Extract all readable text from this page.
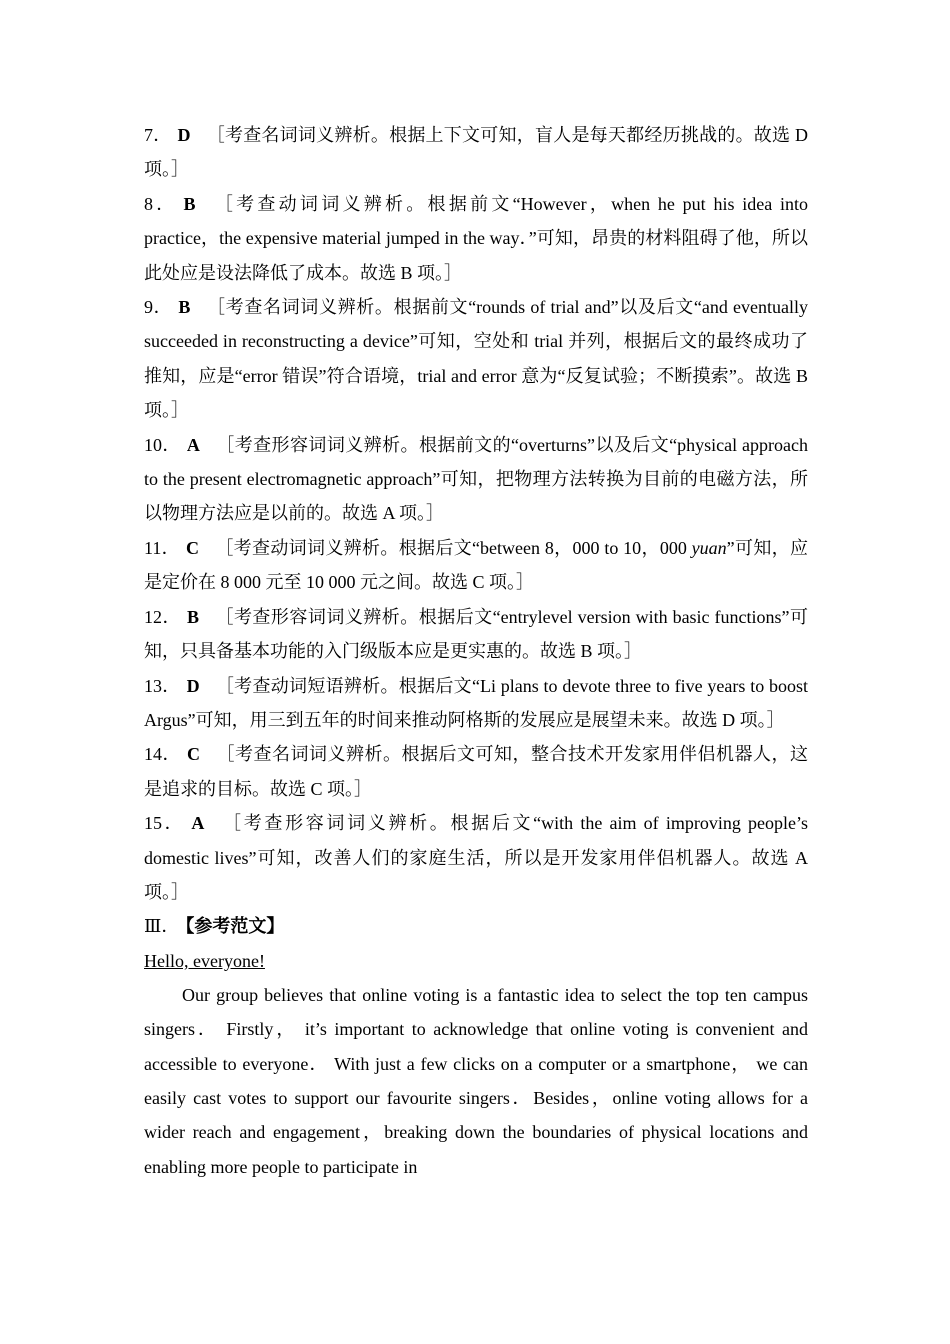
7． D ［考查名词词义辨析。根据上下文可知，盲人是每天都经历挑战的。故选 D 项。］

8． B ［考查动词词义辨析。根据前文“However，when he put his idea into practice，the expensive material jumped in the way．”可知，昂贵的材料阻碍了他，所以此处应是设法降低了成本。故选 B 项。］

9． B ［考查名词词义辨析。根据前文“rounds of trial and”以及后文“and eventually succeeded in reconstructing a device”可知，空处和 trial 并列，根据后文的最终成功了推知，应是“error 错误”符合语境，trial and error 意为“反复试验；不断摸索”。故选 B 项。］

10． A ［考查形容词词义辨析。根据前文的“overturns”以及后文“physical approach to the present electromagnetic approach”可知，把物理方法转换为目前的电磁方法，所以物理方法应是以前的。故选 A 项。］

11． C ［考查动词词义辨析。根据后文“between 8，000 to 10，000 yuan”可知，应是定价在 8 000 元至 10 000 元之间。故选 C 项。］

12． B ［考查形容词词义辨析。根据后文“entrylevel version with basic functions”可知，只具备基本功能的入门级版本应是更实惠的。故选 B 项。］

13． D ［考查动词短语辨析。根据后文“Li plans to devote three to five years to boost Argus”可知，用三到五年的时间来推动阿格斯的发展应是展望未来。故选 D 项。］

14． C ［考查名词词义辨析。根据后文可知，整合技术开发家用伴侣机器人，这是追求的目标。故选 C 项。］

15． A ［考查形容词词义辨析。根据后文“with the aim of improving people’s domestic lives”可知，改善人们的家庭生活，所以是开发家用伴侣机器人。故选 A 项。］

Ⅲ． 【参考范文】

Hello, everyone!

Our group believes that online voting is a fantastic idea to select the top ten campus singers． Firstly， it’s important to acknowledge that online voting is convenient and accessible to everyone． With just a few clicks on a computer or a smartphone， we can easily cast votes to support our favourite singers．Besides，online voting allows for a wider reach and engagement，breaking down the boundaries of physical locations and enabling more people to participate in
